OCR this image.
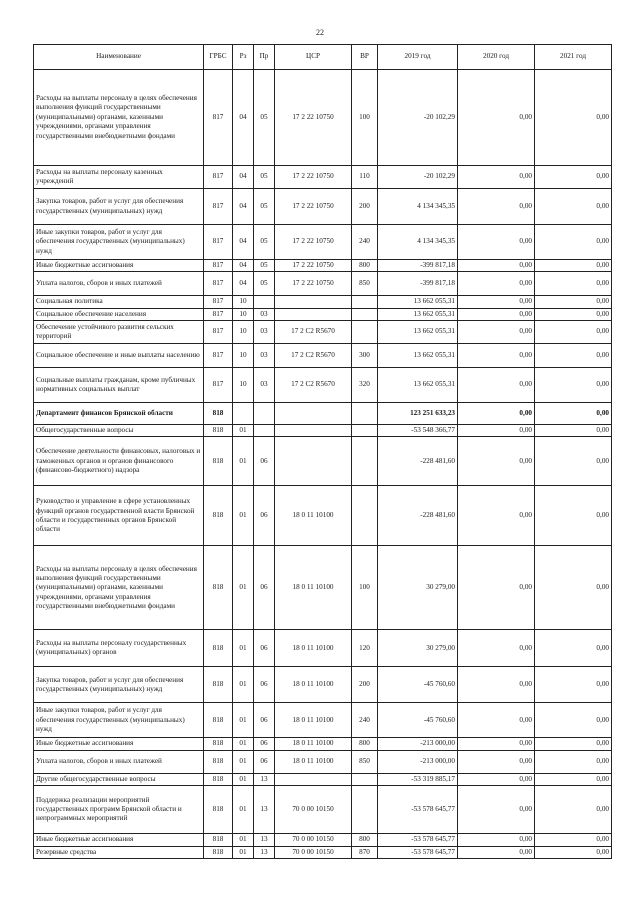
22
Наименование	ГРБС	Рз	Пр	ЦСР	ВР	2019 год	2020 год	2021 год
Расходы на выплаты персоналу в целях обеспечения выполнения функций государственными (муниципальными) органами, казенными учреждениями, органами управления государственными внебюджетными фондами	817	04	05	17 2 22 10750	100	-20 102,29	0,00	0,00
Расходы на выплаты персоналу казенных учреждений	817	04	05	17 2 22 10750	110	-20 102,29	0,00	0,00
Закупка товаров, работ и услуг для обеспечения государственных (муниципальных) нужд	817	04	05	17 2 22 10750	200	4 134 345,35	0,00	0,00
Иные закупки товаров, работ и услуг для обеспечения государственных (муниципальных) нужд	817	04	05	17 2 22 10750	240	4 134 345,35	0,00	0,00
Иные бюджетные ассигнования	817	04	05	17 2 22 10750	800	-399 817,18	0,00	0,00
Уплата налогов, сборов и иных платежей	817	04	05	17 2 22 10750	850	-399 817,18	0,00	0,00
Социальная политика	817	10				13 662 055,31	0,00	0,00
Социальное обеспечение населения	817	10	03			13 662 055,31	0,00	0,00
Обеспечение устойчивого развития сельских территорий	817	10	03	17 2 С2 R5670		13 662 055,31	0,00	0,00
Социальное обеспечение и иные выплаты населению	817	10	03	17 2 С2 R5670	300	13 662 055,31	0,00	0,00
Социальные выплаты гражданам, кроме публичных нормативных социальных выплат	817	10	03	17 2 С2 R5670	320	13 662 055,31	0,00	0,00
Департамент финансов Брянской области	818					123 251 633,23	0,00	0,00
Общегосударственные вопросы	818	01				-53 548 366,77	0,00	0,00
Обеспечение деятельности финансовых, налоговых и таможенных органов и органов финансового (финансово-бюджетного) надзора	818	01	06			-228 481,60	0,00	0,00
Руководство и управление в сфере установленных функций органов государственной власти Брянской области и государственных органов Брянской области	818	01	06	18 0 11 10100		-228 481,60	0,00	0,00
Расходы на выплаты персоналу в целях обеспечения выполнения функций государственными (муниципальными) органами, казенными учреждениями, органами управления государственными внебюджетными фондами	818	01	06	18 0 11 10100	100	30 279,00	0,00	0,00
Расходы на выплаты персоналу государственных (муниципальных) органов	818	01	06	18 0 11 10100	120	30 279,00	0,00	0,00
Закупка товаров, работ и услуг для обеспечения государственных (муниципальных) нужд	818	01	06	18 0 11 10100	200	-45 760,60	0,00	0,00
Иные закупки товаров, работ и услуг для обеспечения государственных (муниципальных) нужд	818	01	06	18 0 11 10100	240	-45 760,60	0,00	0,00
Иные бюджетные ассигнования	818	01	06	18 0 11 10100	800	-213 000,00	0,00	0,00
Уплата налогов, сборов и иных платежей	818	01	06	18 0 11 10100	850	-213 000,00	0,00	0,00
Другие общегосударственные вопросы	818	01	13			-53 319 885,17	0,00	0,00
Поддержка реализации мероприятий государственных программ Брянской области и непрограммных мероприятий	818	01	13	70 0 00 10150		-53 578 645,77	0,00	0,00
Иные бюджетные ассигнования	818	01	13	70 0 00 10150	800	-53 578 645,77	0,00	0,00
Резервные средства	818	01	13	70 0 00 10150	870	-53 578 645,77	0,00	0,00
